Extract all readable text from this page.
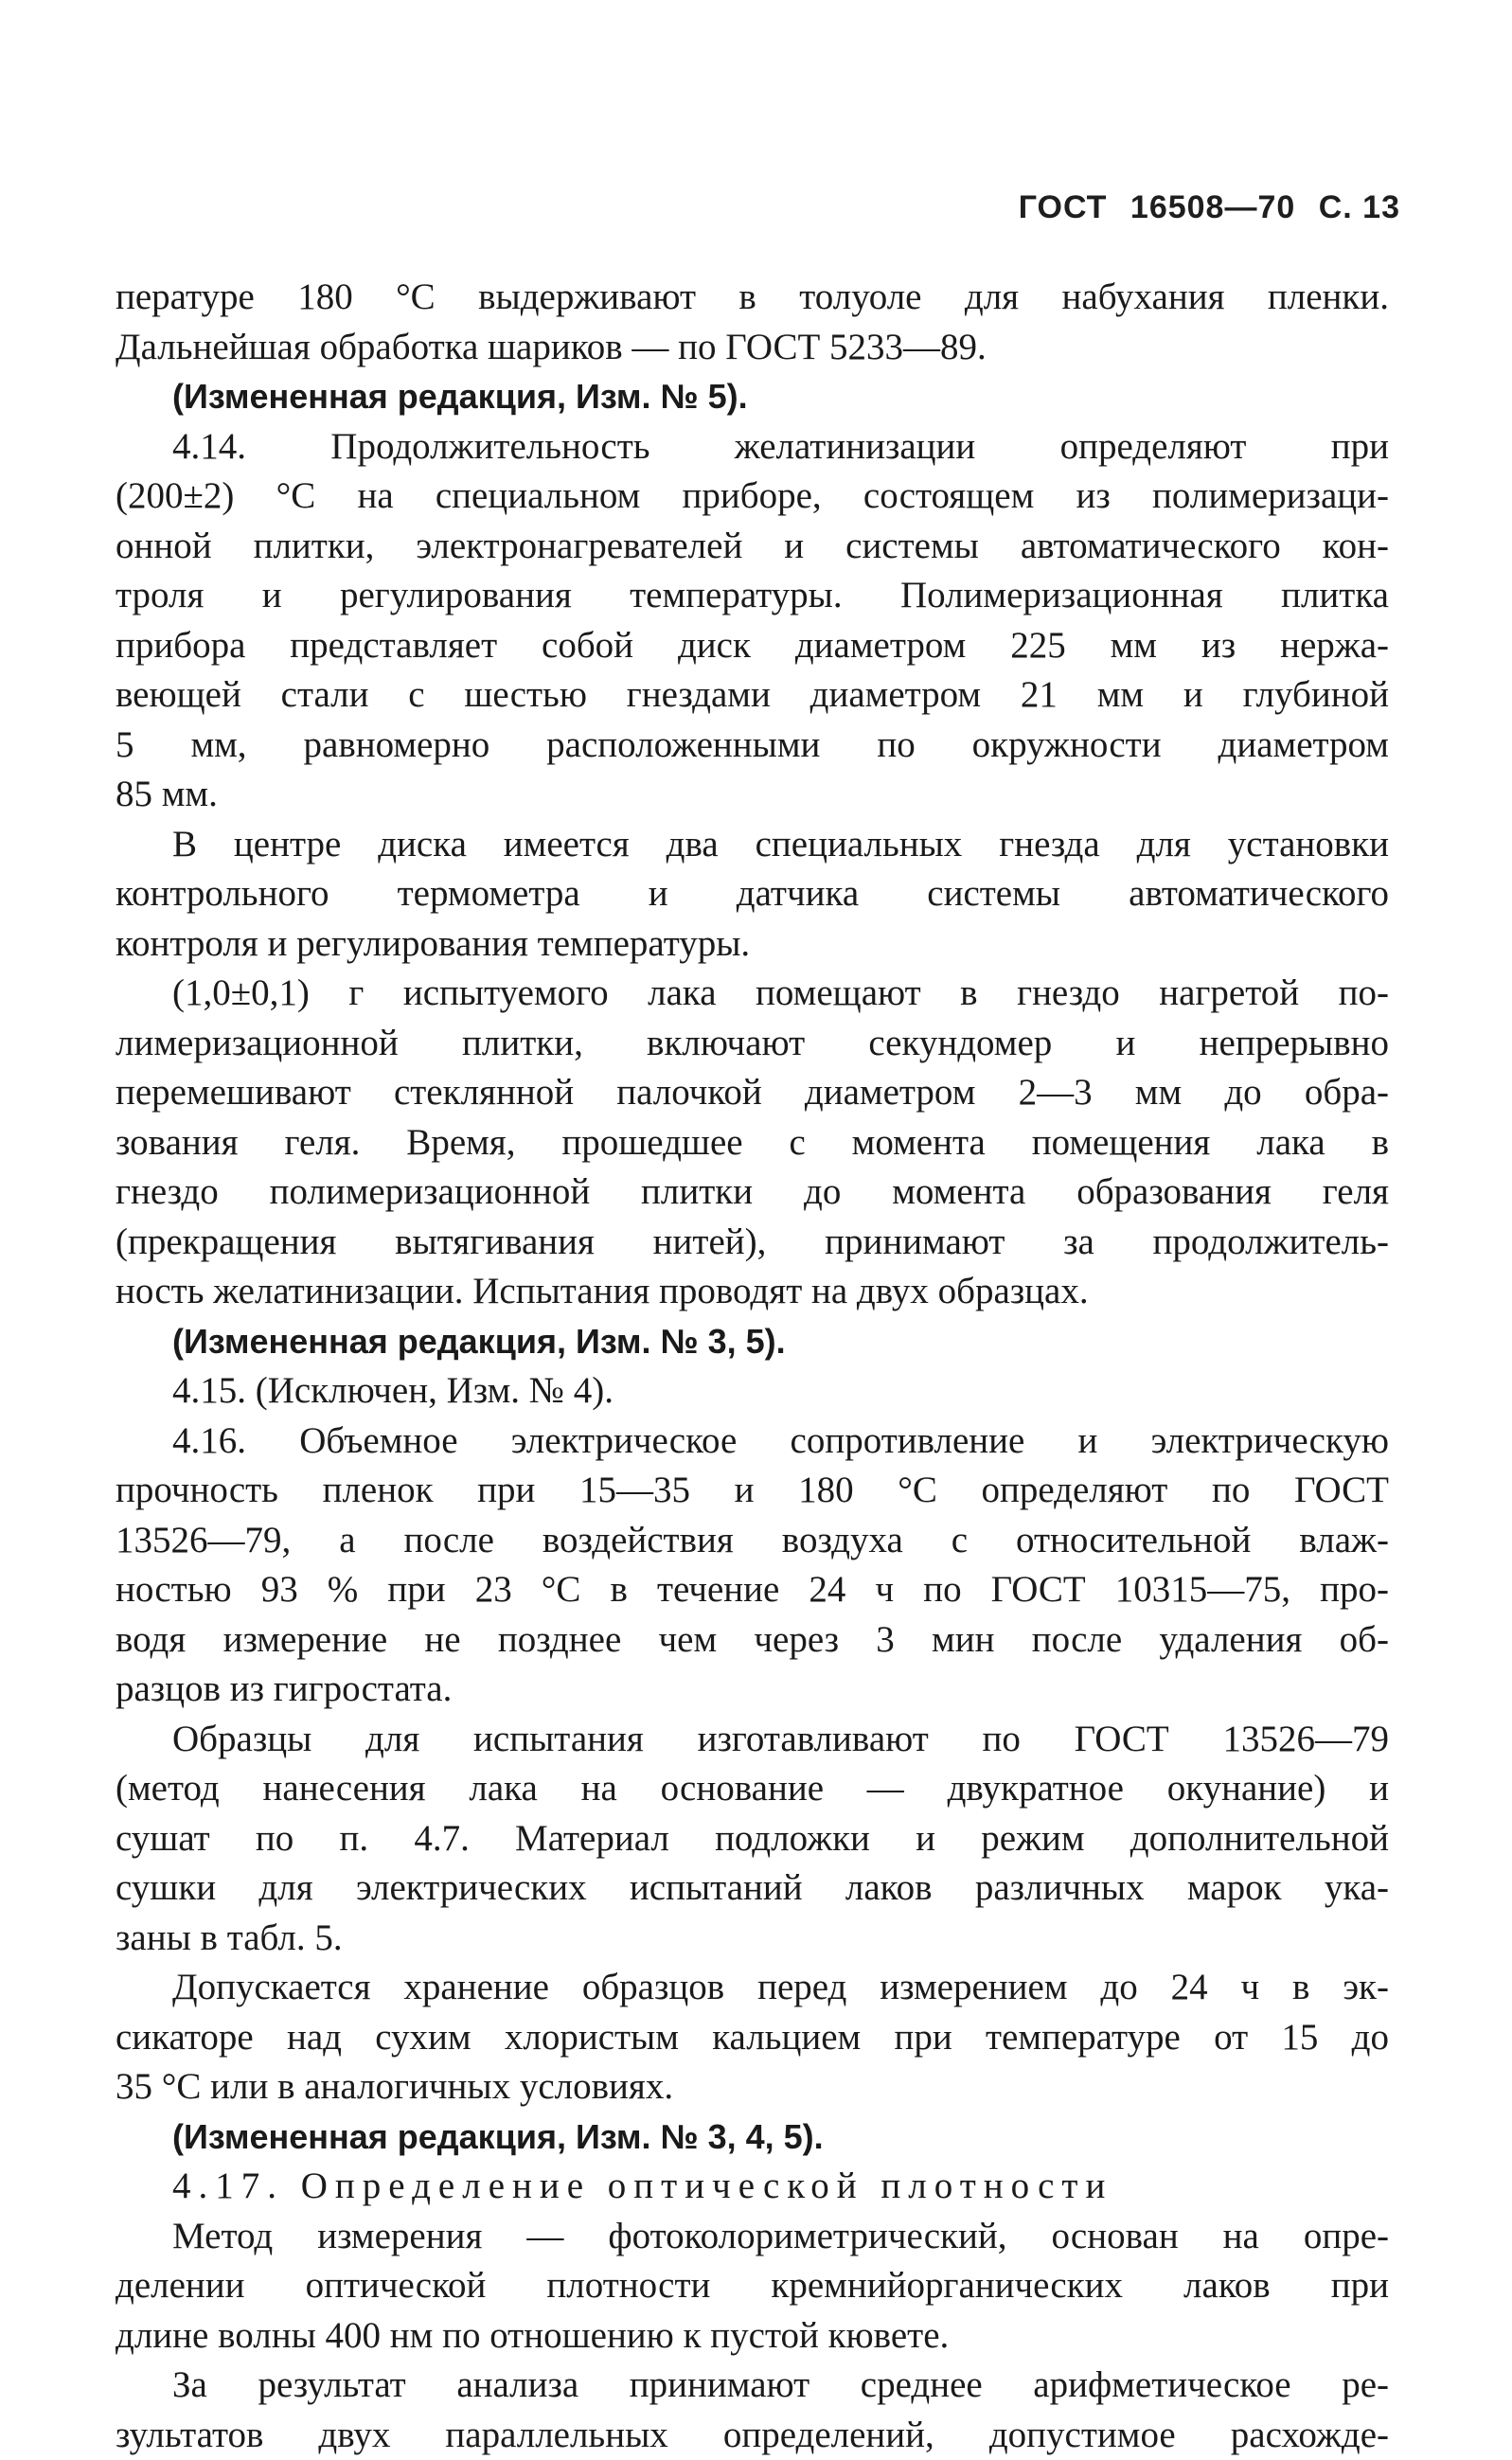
ГОСТ 16508—70 С. 13
пературе 180 °С выдерживают в толуоле для набухания пленки.
Дальнейшая обработка шариков — по ГОСТ 5233—89.
(Измененная редакция, Изм. № 5).
4.14. Продолжительность желатинизации определяют при
(200±2) °С на специальном приборе, состоящем из полимеризаци-
онной плитки, электронагревателей и системы автоматического кон-
троля и регулирования температуры. Полимеризационная плитка
прибора представляет собой диск диаметром 225 мм из нержа-
веющей стали с шестью гнездами диаметром 21 мм и глубиной
5 мм, равномерно расположенными по окружности диаметром
85 мм.
В центре диска имеется два специальных гнезда для установки
контрольного термометра и датчика системы автоматического
контроля и регулирования температуры.
(1,0±0,1) г испытуемого лака помещают в гнездо нагретой по-
лимеризационной плитки, включают секундомер и непрерывно
перемешивают стеклянной палочкой диаметром 2—3 мм до обра-
зования геля. Время, прошедшее с момента помещения лака в
гнездо полимеризационной плитки до момента образования геля
(прекращения вытягивания нитей), принимают за продолжитель-
ность желатинизации. Испытания проводят на двух образцах.
(Измененная редакция, Изм. № 3, 5).
4.15. (Исключен, Изм. № 4).
4.16. Объемное электрическое сопротивление и электрическую
прочность пленок при 15—35 и 180 °С определяют по ГОСТ
13526—79, а после воздействия воздуха с относительной влаж-
ностью 93 % при 23 °С в течение 24 ч по ГОСТ 10315—75, про-
водя измерение не позднее чем через 3 мин после удаления об-
разцов из гигростата.
Образцы для испытания изготавливают по ГОСТ 13526—79
(метод нанесения лака на основание — двукратное окунание) и
сушат по п. 4.7. Материал подложки и режим дополнительной
сушки для электрических испытаний лаков различных марок ука-
заны в табл. 5.
Допускается хранение образцов перед измерением до 24 ч в эк-
сикаторе над сухим хлористым кальцием при температуре от 15 до
35 °С или в аналогичных условиях.
(Измененная редакция, Изм. № 3, 4, 5).
4.17. Определение оптической плотности
Метод измерения — фотоколориметрический, основан на опре-
делении оптической плотности кремнийорганических лаков при
длине волны 400 нм по отношению к пустой кювете.
За результат анализа принимают среднее арифметическое ре-
зультатов двух параллельных определений, допустимое расхожде-
